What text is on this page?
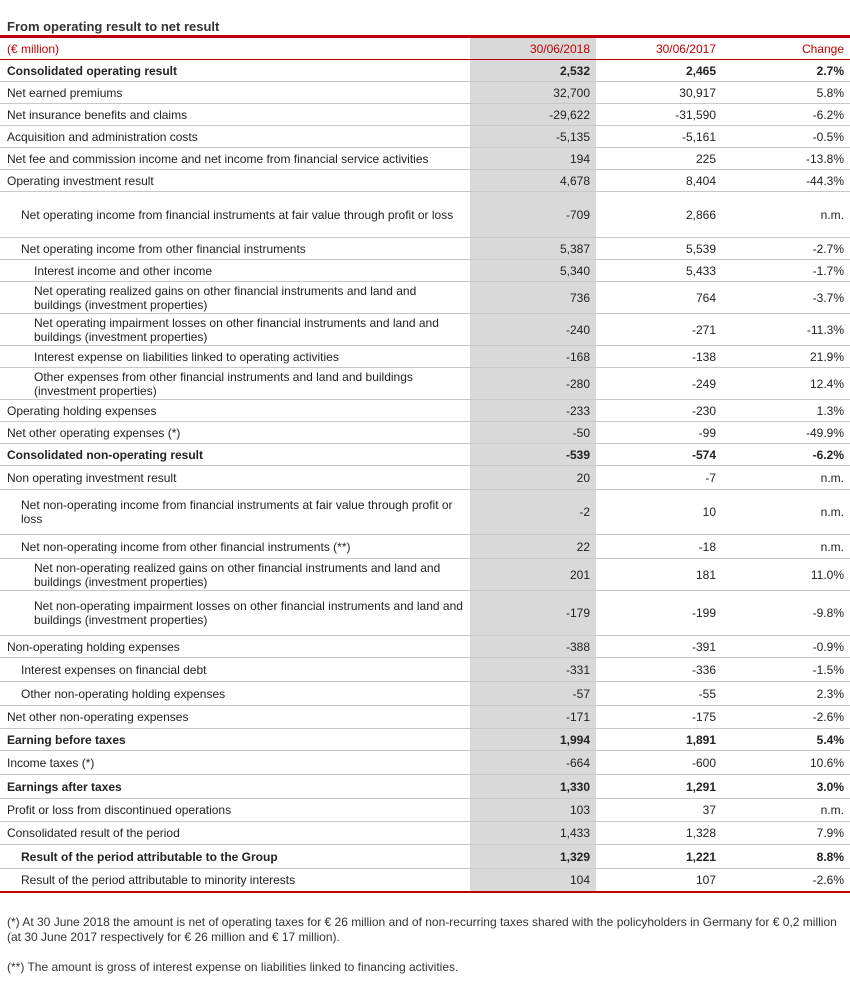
From operating result to net result
(€ million)	30/06/2018	30/06/2017	Change
Consolidated operating result	2,532	2,465	2.7%
Net earned premiums	32,700	30,917	5.8%
Net insurance benefits and claims	-29,622	-31,590	-6.2%
Acquisition and administration costs	-5,135	-5,161	-0.5%
Net fee and commission income and net income from financial service activities	194	225	-13.8%
Operating investment result	4,678	8,404	-44.3%
Net operating income from financial instruments at fair value through profit or loss	-709	2,866	n.m.
Net operating income from other financial instruments	5,387	5,539	-2.7%
Interest income and other income	5,340	5,433	-1.7%
Net operating realized gains on other financial instruments and land and buildings (investment properties)	736	764	-3.7%
Net operating impairment losses on other financial instruments and land and buildings (investment properties)	-240	-271	-11.3%
Interest expense on liabilities linked to operating activities	-168	-138	21.9%
Other expenses from other financial instruments and land and buildings (investment properties)	-280	-249	12.4%
Operating holding expenses	-233	-230	1.3%
Net other operating expenses (*)	-50	-99	-49.9%
Consolidated non-operating result	-539	-574	-6.2%
Non operating investment result	20	-7	n.m.
Net non-operating income from financial instruments at fair value through profit or loss	-2	10	n.m.
Net non-operating income from other financial instruments (**)	22	-18	n.m.
Net non-operating realized gains on other financial instruments and land and buildings (investment properties)	201	181	11.0%
Net non-operating impairment losses on other financial instruments and land and buildings (investment properties)	-179	-199	-9.8%
Non-operating holding expenses	-388	-391	-0.9%
Interest expenses on financial debt	-331	-336	-1.5%
Other non-operating holding expenses	-57	-55	2.3%
Net other non-operating expenses	-171	-175	-2.6%
Earning before taxes	1,994	1,891	5.4%
Income taxes (*)	-664	-600	10.6%
Earnings after taxes	1,330	1,291	3.0%
Profit or loss from discontinued operations	103	37	n.m.
Consolidated result of the period	1,433	1,328	7.9%
Result of the period attributable to the Group	1,329	1,221	8.8%
Result of the period attributable to minority interests	104	107	-2.6%
(*) At 30 June 2018 the amount is net of operating taxes for € 26 million and of non-recurring taxes shared with the policyholders in Germany for € 0,2 million (at 30 June 2017 respectively for € 26 million and € 17 million).
(**) The amount is gross of interest expense on liabilities linked to financing activities.
